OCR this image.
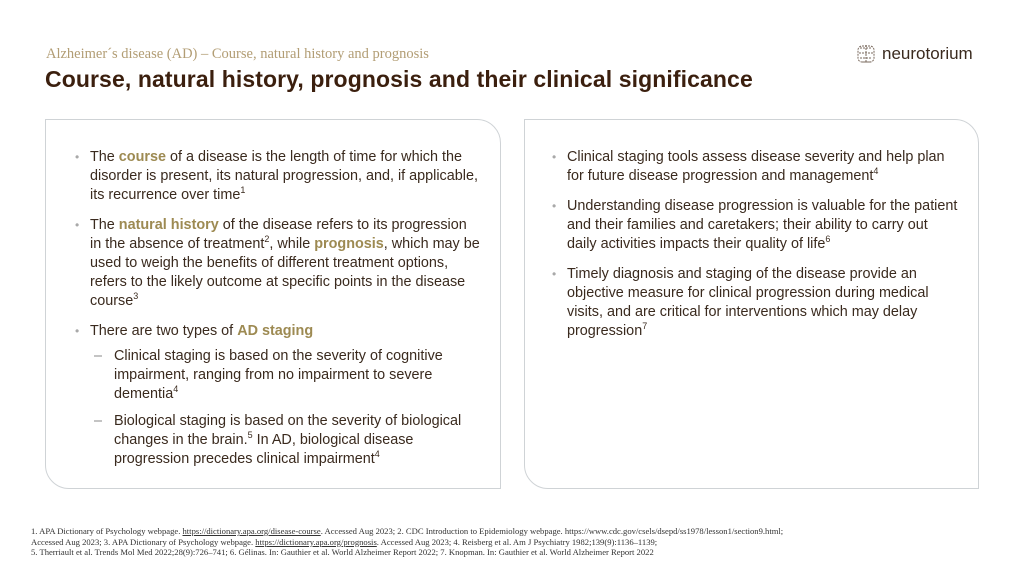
Alzheimer´s disease (AD) – Course, natural history and prognosis
Course, natural history, prognosis and their clinical significance
neurotorium
• The course of a disease is the length of time for which the disorder is present, its natural progression, and, if applicable, its recurrence over time$^1$
• The natural history of the disease refers to its progression in the absence of treatment$^2$, while prognosis, which may be used to weigh the benefits of different treatment options, refers to the likely outcome at specific points in the disease course$^3$
• There are two types of AD staging
– Clinical staging is based on the severity of cognitive impairment, ranging from no impairment to severe dementia$^4$
– Biological staging is based on the severity of biological changes in the brain.$^5$ In AD, biological disease progression precedes clinical impairment$^4$
• Clinical staging tools assess disease severity and help plan for future disease progression and management$^4$
• Understanding disease progression is valuable for the patient and their families and caretakers; their ability to carry out daily activities impacts their quality of life$^6$
• Timely diagnosis and staging of the disease provide an objective measure for clinical progression during medical visits, and are critical for interventions which may delay progression$^7$
1. APA Dictionary of Psychology webpage. https://dictionary.apa.org/disease-course. Accessed Aug 2023; 2. CDC Introduction to Epidemiology webpage. https://www.cdc.gov/csels/dsepd/ss1978/lesson1/section9.html;
Accessed Aug 2023; 3. APA Dictionary of Psychology webpage. https://dictionary.apa.org/prognosis. Accessed Aug 2023; 4. Reisberg et al. Am J Psychiatry 1982;139(9):1136–1139;
5. Therriault et al. Trends Mol Med 2022;28(9):726–741; 6. Gélinas. In: Gauthier et al. World Alzheimer Report 2022; 7. Knopman. In: Gauthier et al. World Alzheimer Report 2022
